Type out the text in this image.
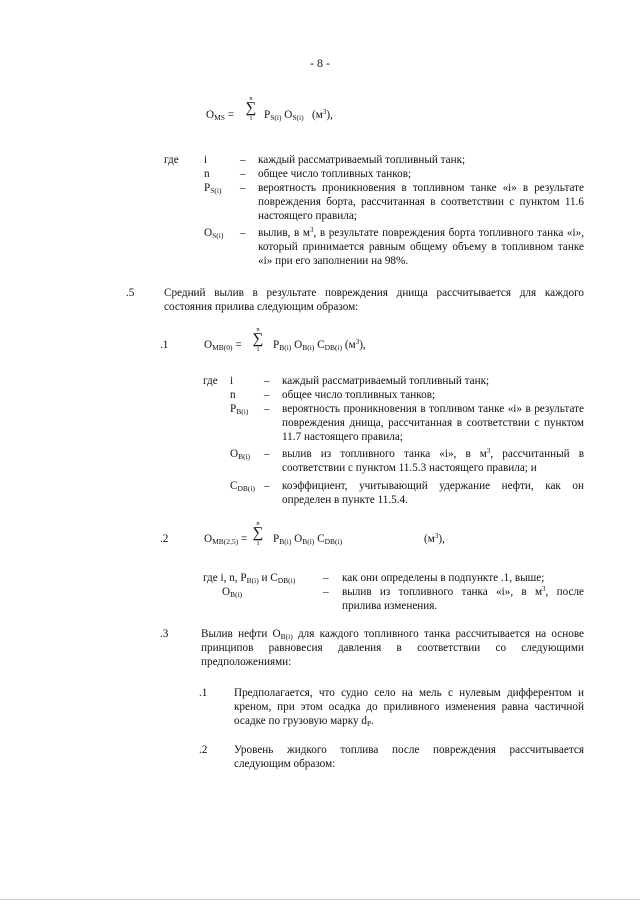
- 8 -
$O_{MS}$ =
n
∑
1	$P_{S(i)}$ $O_{S(i)}$ $(м^3)$,
где i	– каждый рассматриваемый топливный танк;
n	– общее число топливных танков;
$P_{S(i)}$ – вероятность проникновения в топливном танке «i» в результате повреждения борта, рассчитанная в соответствии с пунктом 11.6 настоящего правила;
$O_{S(i)}$ – вылив, в $м^3$, в результате повреждения борта топливного танка «i», который принимается равным общему объему в топливном танке «i» при его заполнении на 98%.
.5	Средний вылив в результате повреждения днища рассчитывается для каждого состояния прилива следующим образом:
.1	$O_{MB(0)}$ =
n
∑
1	$P_{B(i)}$ $O_{B(i)}$ $C_{DB(i)}$ $(м^3)$,
где i	– каждый рассматриваемый топливный танк;
n	– общее число топливных танков;
$P_{B(i)}$ – вероятность проникновения в топливом танке «i» в результате повреждения днища, рассчитанная в соответствии с пунктом 11.7 настоящего правила;
$O_{B(i)}$ – вылив из топливного танка «i», в $м^3$, рассчитанный в соответствии с пунктом 11.5.3 настоящего правила; и
$C_{DB(i)}$ – коэффициент, учитывающий удержание нефти, как он определен в пункте 11.5.4.
.2	$O_{MB(2,5)}$ =
n
∑
1	$P_{B(i)}$ $O_{B(i)}$ $C_{DB(i)}$	$(м^3)$,
где i, n, $P_{B(i)}$ и $C_{DB(i)}$ – как они определены в подпункте .1, выше;
$O_{B(i)}$	– вылив из топливного танка «i», в $м^3$, после прилива изменения.
.3	Вылив нефти $O_{B(i)}$ для каждого топливного танка рассчитывается на основе принципов равновесия давления в соответствии со следующими предположениями:
.1 Предполагается, что судно село на мель с нулевым дифферентом и креном, при этом осадка до приливного изменения равна частичной осадке по грузовую марку $d_P$.
.2 Уровень жидкого топлива после повреждения рассчитывается следующим образом:
